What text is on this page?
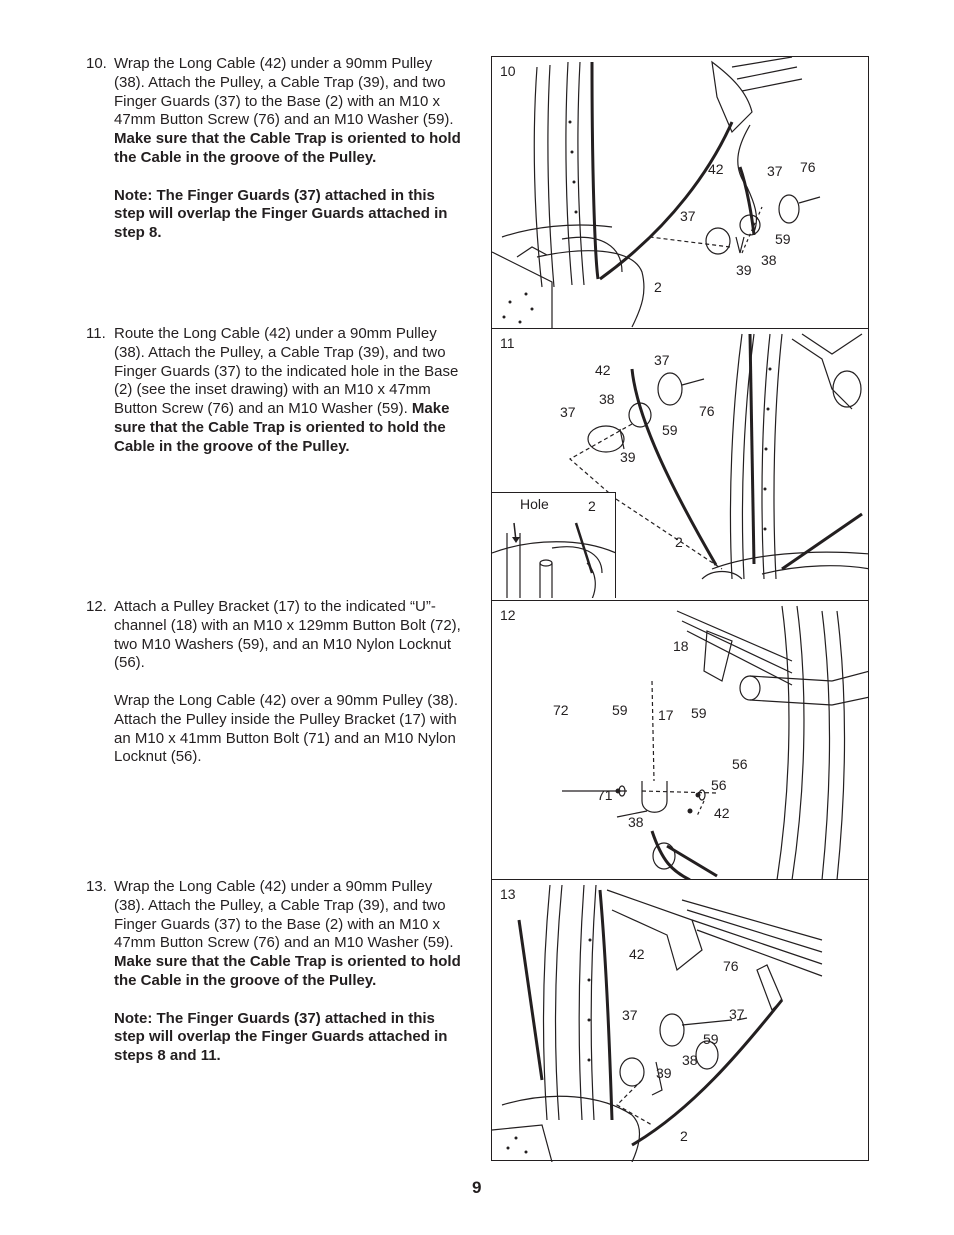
10. Wrap the Long Cable (42) under a 90mm Pulley (38). Attach the Pulley, a Cable Trap (39), and two Finger Guards (37) to the Base (2) with an M10 x 47mm Button Screw (76) and an M10 Washer (59). Make sure that the Cable Trap is oriented to hold the Cable in the groove of the Pulley.

Note: The Finger Guards (37) attached in this step will overlap the Finger Guards attached in step 8.

11. Route the Long Cable (42) under a 90mm Pulley (38). Attach the Pulley, a Cable Trap (39), and two Finger Guards (37) to the indicated hole in the Base (2) (see the inset drawing) with an M10 x 47mm Button Screw (76) and an M10 Washer (59). Make sure that the Cable Trap is oriented to hold the Cable in the groove of the Pulley.

12. Attach a Pulley Bracket (17) to the indicated “U”-channel (18) with an M10 x 129mm Button Bolt (72), two M10 Washers (59), and an M10 Nylon Locknut (56).

Wrap the Long Cable (42) over a 90mm Pulley (38). Attach the Pulley inside the Pulley Bracket (17) with an M10 x 41mm Button Bolt (71) and an M10 Nylon Locknut (56).

13. Wrap the Long Cable (42) under a 90mm Pulley (38). Attach the Pulley, a Cable Trap (39), and two Finger Guards (37) to the Base (2) with an M10 x 47mm Button Screw (76) and an M10 Washer (59). Make sure that the Cable Trap is oriented to hold the Cable in the groove of the Pulley.

Note: The Finger Guards (37) attached in this step will overlap the Finger Guards attached in steps 8 and 11.

10
42	37 76
37
59
39
38
2
Hole	2
11
42
37
38
76
37
59
39
2
12
18
72	59 17 59
56
56
71
42
38
13
42
76
37
37
59
38
39
2
9
